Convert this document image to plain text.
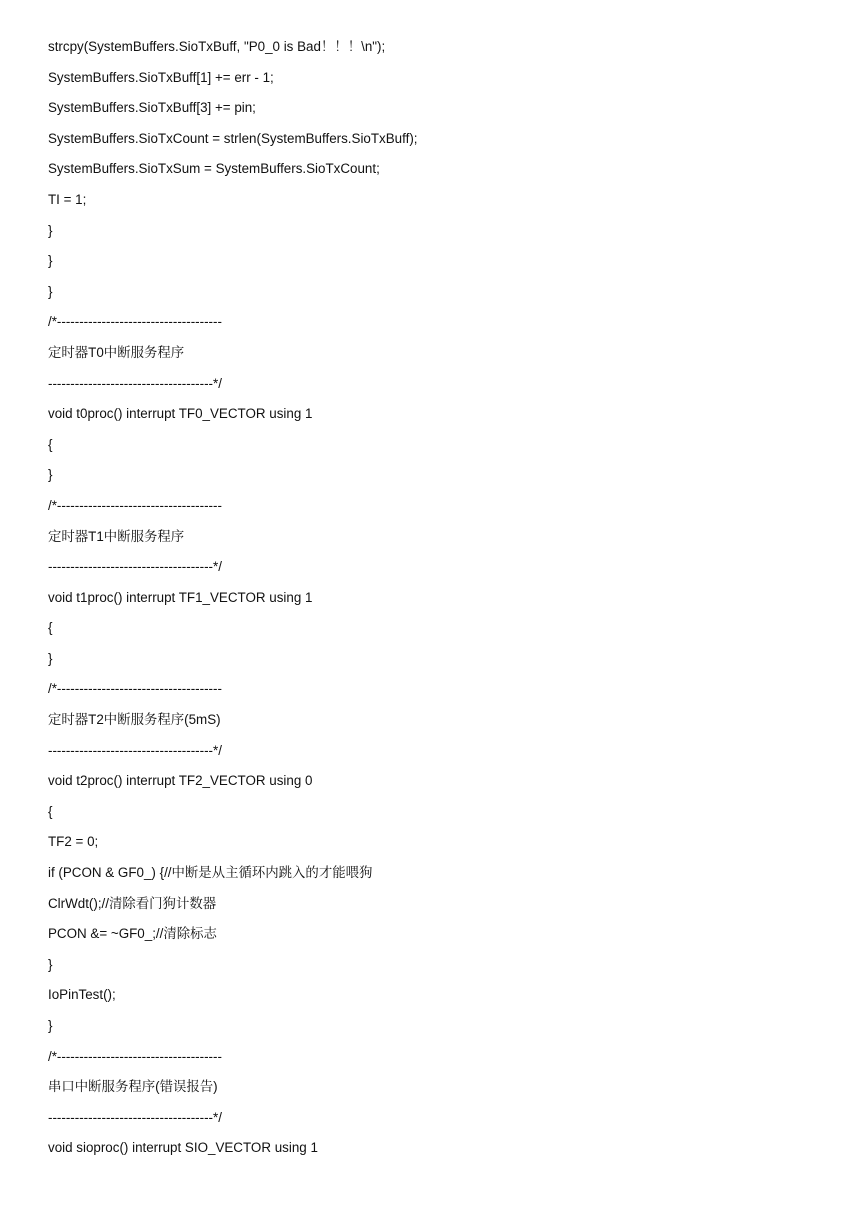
strcpy(SystemBuffers.SioTxBuff, "P0_0 is Bad！！！\n");
SystemBuffers.SioTxBuff[1] += err - 1;
SystemBuffers.SioTxBuff[3] += pin;
SystemBuffers.SioTxCount = strlen(SystemBuffers.SioTxBuff);
SystemBuffers.SioTxSum = SystemBuffers.SioTxCount;
TI = 1;
}
}
}
/*-------------------------------------
定时器T0中断服务程序
-------------------------------------*/
void t0proc() interrupt TF0_VECTOR using 1
{
}
/*-------------------------------------
定时器T1中断服务程序
-------------------------------------*/
void t1proc() interrupt TF1_VECTOR using 1
{
}
/*-------------------------------------
定时器T2中断服务程序(5mS)
-------------------------------------*/
void t2proc() interrupt TF2_VECTOR using 0
{
TF2 = 0;
if (PCON & GF0_) {//中断是从主循环内跳入的才能喂狗
ClrWdt();//清除看门狗计数器
PCON &= ~GF0_;//清除标志
}
IoPinTest();
}
/*-------------------------------------
串口中断服务程序(错误报告)
-------------------------------------*/
void sioproc() interrupt SIO_VECTOR using 1
